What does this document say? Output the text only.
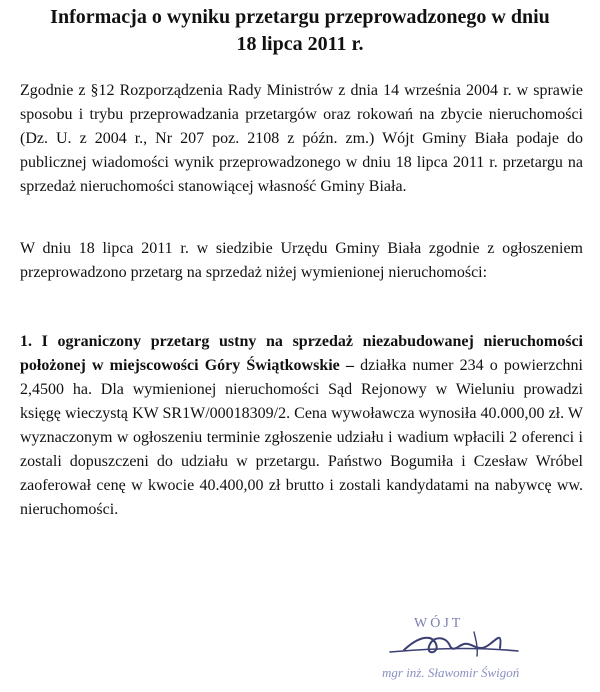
Informacja o wyniku przetargu przeprowadzonego w dniu
18 lipca 2011 r.

Zgodnie z §12 Rozporządzenia Rady Ministrów z dnia 14 września 2004 r. w sprawie sposobu i trybu przeprowadzania przetargów oraz rokowań na zbycie nieruchomości (Dz. U. z 2004 r., Nr 207 poz. 2108 z późn. zm.) Wójt Gminy Biała podaje do publicznej wiadomości wynik przeprowadzonego w dniu 18 lipca 2011 r. przetargu na sprzedaż nieruchomości stanowiącej własność Gminy Biała.

W dniu 18 lipca 2011 r. w siedzibie Urzędu Gminy Biała zgodnie z ogłoszeniem przeprowadzono przetarg na sprzedaż niżej wymienionej nieruchomości:

1. I ograniczony przetarg ustny na sprzedaż niezabudowanej nieruchomości położonej w miejscowości Góry Świątkowskie – działka numer 234 o powierzchni 2,4500 ha. Dla wymienionej nieruchomości Sąd Rejonowy w Wieluniu prowadzi księgę wieczystą KW SR1W/00018309/2. Cena wywoławcza wynosiła 40.000,00 zł. W wyznaczonym w ogłoszeniu terminie zgłoszenie udziału i wadium wpłacili 2 oferenci i zostali dopuszczeni do udziału w przetargu. Państwo Bogumiła i Czesław Wróbel zaoferował cenę w kwocie 40.400,00 zł brutto i zostali kandydatami na nabywcę ww. nieruchomości.

WÓJT
mgr inż. Sławomir Świgoń
